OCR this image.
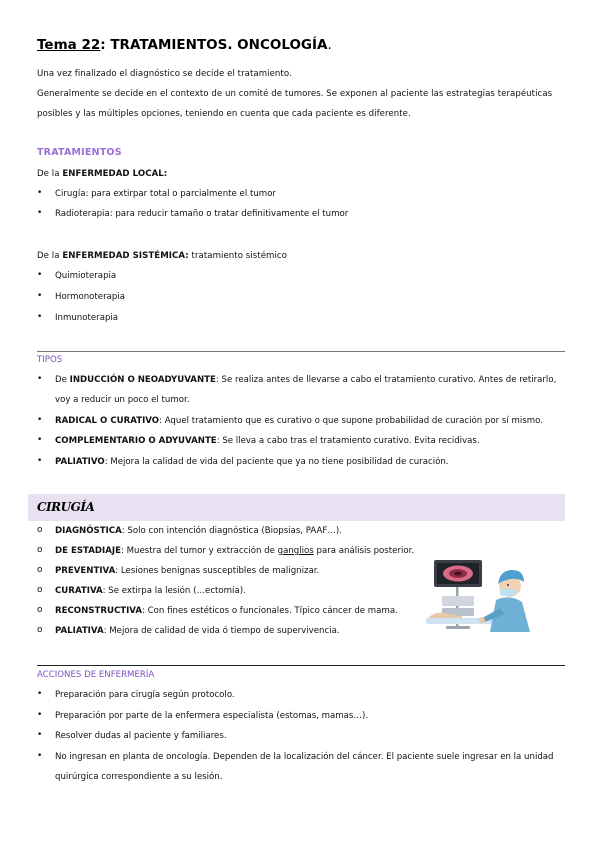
Tema 22: TRATAMIENTOS. ONCOLOGÍA.
Una vez finalizado el diagnóstico se decide el tratamiento.
Generalmente se decide en el contexto de un comité de tumores. Se exponen al paciente las estrategias terapéuticas
posibles y las múltiples opciones, teniendo en cuenta que cada paciente es diferente.
TRATAMIENTOS
De la ENFERMEDAD LOCAL:
• Cirugía: para extirpar total o parcialmente el tumor
• Radioterapia: para reducir tamaño o tratar definitivamente el tumor
De la ENFERMEDAD SISTÉMICA: tratamiento sistémico
• Quimioterapia
• Hormonoterapia
• Inmunoterapia
TIPOS
• De INDUCCIÓN O NEOADYUVANTE: Se realiza antes de llevarse a cabo el tratamiento curativo. Antes de retirarlo,
voy a reducir un poco el tumor.
• RADICAL O CURATIVO: Aquel tratamiento que es curativo o que supone probabilidad de curación por sí mismo.
• COMPLEMENTARIO O ADYUVANTE: Se lleva a cabo tras el tratamiento curativo. Evita recidivas.
• PALIATIVO: Mejora la calidad de vida del paciente que ya no tiene posibilidad de curación.
CIRUGÍA
o DIAGNÓSTICA: Solo con intención diagnóstica (Biopsias, PAAF…).
o DE ESTADIAJE: Muestra del tumor y extracción de ganglios para análisis posterior.
o PREVENTIVA: Lesiones benignas susceptibles de malignizar.
o CURATIVA: Se extirpa la lesión (…ectomía).
o RECONSTRUCTIVA: Con fines estéticos o funcionales. Típico cáncer de mama.
o PALIATIVA: Mejora de calidad de vida ó tiempo de supervivencia.
ACCIONES DE ENFERMERÍA
• Preparación para cirugía según protocolo.
• Preparación por parte de la enfermera especialista (estomas, mamas…).
• Resolver dudas al paciente y familiares.
• No ingresan en planta de oncología. Dependen de la localización del cáncer. El paciente suele ingresar en la unidad
quirúrgica correspondiente a su lesión.
